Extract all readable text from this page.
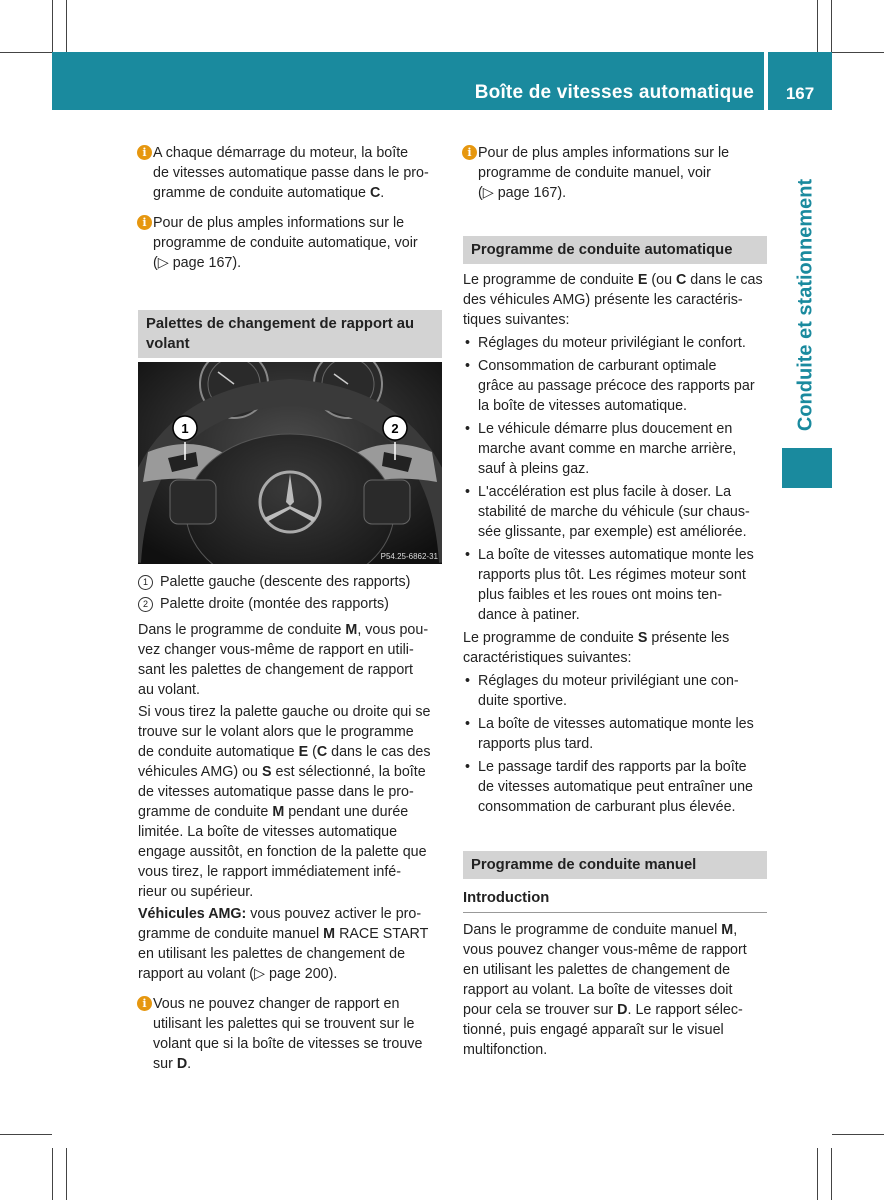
Boîte de vitesses automatique	167
Conduite et stationnement
i A chaque démarrage du moteur, la boîte
de vitesses automatique passe dans le pro-
gramme de conduite automatique C.

i Pour de plus amples informations sur le
programme de conduite automatique, voir
(▷ page 167).

Palettes de changement de rapport au volant
1	2
P54.25-6862-31
1 Palette gauche (descente des rapports)
2 Palette droite (montée des rapports)

Dans le programme de conduite M, vous pou-
vez changer vous-même de rapport en utili-
sant les palettes de changement de rapport
au volant.

Si vous tirez la palette gauche ou droite qui se
trouve sur le volant alors que le programme
de conduite automatique E (C dans le cas des
véhicules AMG) ou S est sélectionné, la boîte
de vitesses automatique passe dans le pro-
gramme de conduite M pendant une durée
limitée. La boîte de vitesses automatique
engage aussitôt, en fonction de la palette que
vous tirez, le rapport immédiatement infé-
rieur ou supérieur.

Véhicules AMG: vous pouvez activer le pro-
gramme de conduite manuel M RACE START
en utilisant les palettes de changement de
rapport au volant (▷ page 200).

i Vous ne pouvez changer de rapport en
utilisant les palettes qui se trouvent sur le
volant que si la boîte de vitesses se trouve
sur D.

i Pour de plus amples informations sur le
programme de conduite manuel, voir
(▷ page 167).

Programme de conduite automatique

Le programme de conduite E (ou C dans le cas
des véhicules AMG) présente les caractéris-
tiques suivantes:

• Réglages du moteur privilégiant le confort.
• Consommation de carburant optimale
grâce au passage précoce des rapports par
la boîte de vitesses automatique.
• Le véhicule démarre plus doucement en
marche avant comme en marche arrière,
sauf à pleins gaz.
• L'accélération est plus facile à doser. La
stabilité de marche du véhicule (sur chaus-
sée glissante, par exemple) est améliorée.
• La boîte de vitesses automatique monte les
rapports plus tôt. Les régimes moteur sont
plus faibles et les roues ont moins ten-
dance à patiner.

Le programme de conduite S présente les
caractéristiques suivantes:

• Réglages du moteur privilégiant une con-
duite sportive.
• La boîte de vitesses automatique monte les
rapports plus tard.
• Le passage tardif des rapports par la boîte
de vitesses automatique peut entraîner une
consommation de carburant plus élevée.
Programme de conduite manuel
Introduction

Dans le programme de conduite manuel M,
vous pouvez changer vous-même de rapport
en utilisant les palettes de changement de
rapport au volant. La boîte de vitesses doit
pour cela se trouver sur D. Le rapport sélec-
tionné, puis engagé apparaît sur le visuel
multifonction.
